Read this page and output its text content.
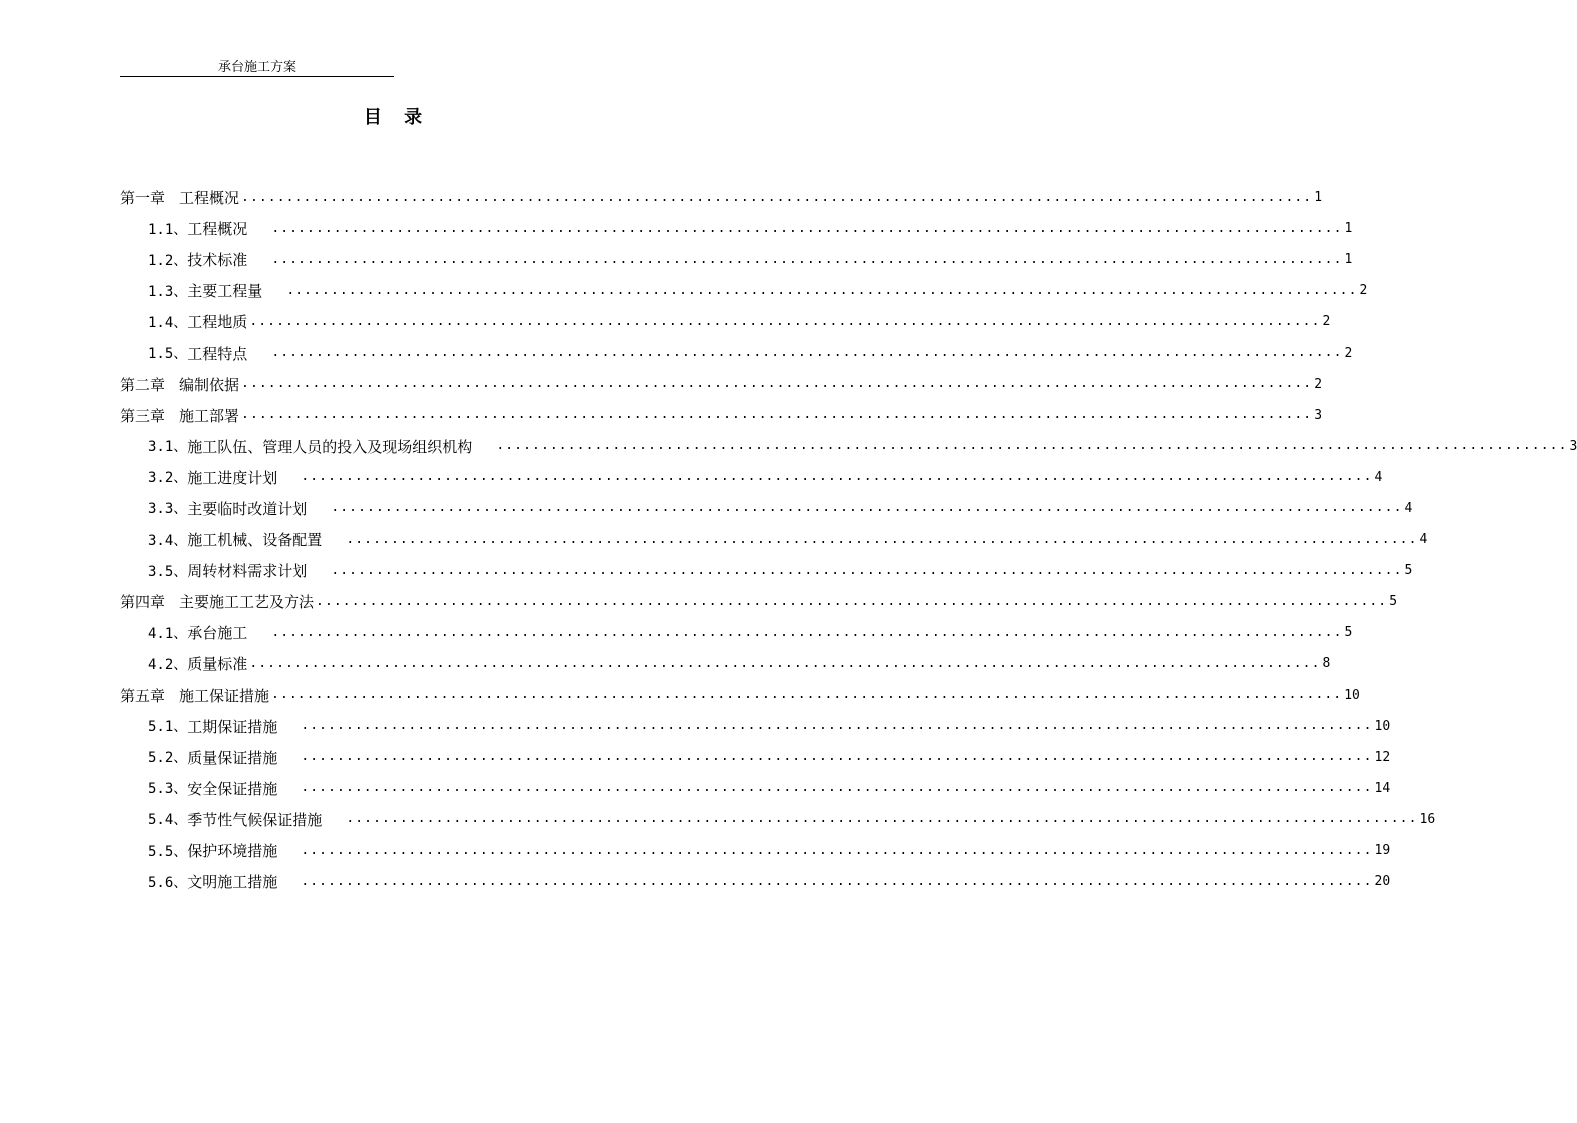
承台施工方案
目 录
第一章 工程概况 ........................................................................................................................ 1
1.1、 工程概况 ........................................................................................................................ 1
1.2、 技术标准 ........................................................................................................................ 1
1.3、 主要工程量 ........................................................................................................................ 2
1.4、 工程地质 ........................................................................................................................ 2
1.5、 工程特点 ........................................................................................................................ 2
第二章 编制依据 ........................................................................................................................ 2
第三章 施工部署 ........................................................................................................................ 3
3.1、 施工队伍、管理人员的投入及现场组织机构 ........................................................................................................................ 3
3.2、 施工进度计划 ........................................................................................................................ 4
3.3、 主要临时改道计划 ........................................................................................................................ 4
3.4、 施工机械、设备配置 ........................................................................................................................ 4
3.5、 周转材料需求计划 ........................................................................................................................ 5
第四章 主要施工工艺及方法 ........................................................................................................................ 5
4.1、 承台施工 ........................................................................................................................ 5
4.2、 质量标准 ........................................................................................................................ 8
第五章 施工保证措施 ........................................................................................................................ 10
5.1、 工期保证措施 ........................................................................................................................ 10
5.2、 质量保证措施 ........................................................................................................................ 12
5.3、 安全保证措施 ........................................................................................................................ 14
5.4、 季节性气候保证措施 ........................................................................................................................ 16
5.5、 保护环境措施 ........................................................................................................................ 19
5.6、 文明施工措施 ........................................................................................................................ 20
